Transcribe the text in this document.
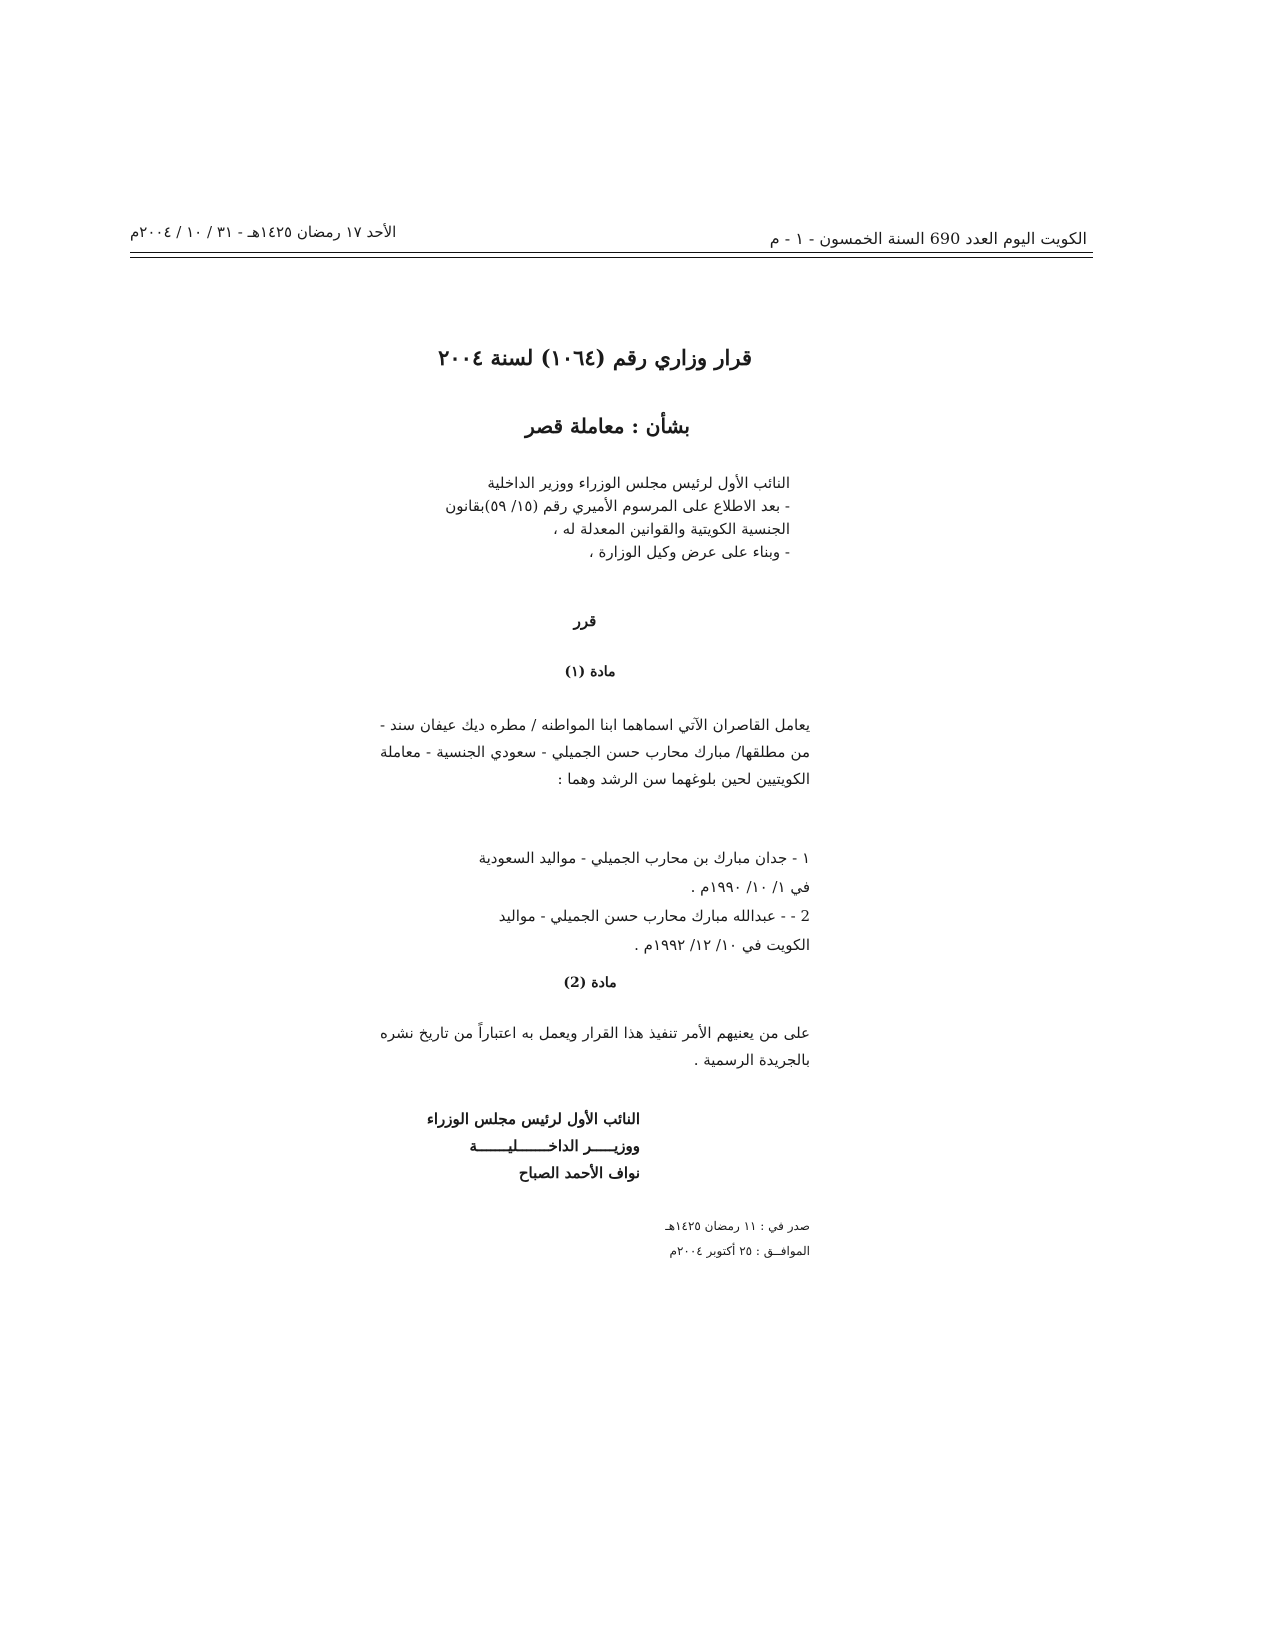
الكويت اليوم العدد 690 السنة الخمسون - ١ - م
الأحد ١٧ رمضان ١٤٢٥هـ - ٣١ / ١٠ / ٢٠٠٤م
قرار وزاري رقم (١٠٦٤) لسنة ٢٠٠٤
بشأن : معاملة قصر
النائب الأول لرئيس مجلس الوزراء ووزير الداخلية
- بعد الاطلاع على المرسوم الأميري رقم (١٥/ ٥٩)بقانون
الجنسية الكويتية والقوانين المعدلة له ،
- وبناء على عرض وكيل الوزارة ،
قرر
مادة (١)
يعامل القاصران الآتي اسماهما ابنا المواطنه / مطره ديك عيفان سند - من مطلقها/ مبارك محارب حسن الجميلي - سعودي الجنسية - معاملة الكويتيين لحين بلوغهما سن الرشد وهما :
١ - جدان مبارك بن محارب الجميلي - مواليد السعودية
في ١/ ١٠/ ١٩٩٠م .
2 - - عبدالله مبارك محارب حسن الجميلي - مواليد
الكويت في ١٠/ ١٢/ ١٩٩٢م .
مادة (2)
على من يعنيهم الأمر تنفيذ هذا القرار ويعمل به اعتباراً من تاريخ نشره بالجريدة الرسمية .
النائب الأول لرئيس مجلس الوزراء
ووزيـــــر الداخـــــــليـــــــة
نواف الأحمد الصباح
صدر في : ١١ رمضان ١٤٢٥هـ
الموافــق : ٢٥ أكتوبر ٢٠٠٤م
